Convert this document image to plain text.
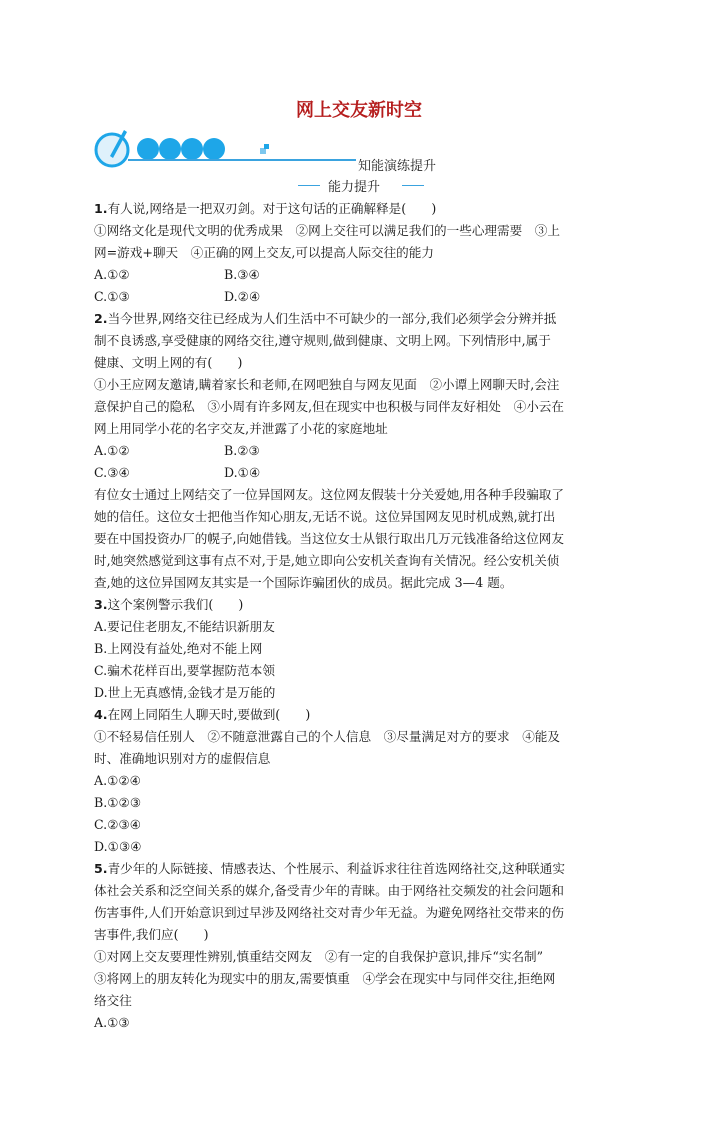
网上交友新时空
知能演练提升
能力提升

1.有人说,网络是一把双刃剑。对于这句话的正确解释是(　　)

①网络文化是现代文明的优秀成果　②网上交往可以满足我们的一些心理需要　③上

网=游戏+聊天　④正确的网上交友,可以提高人际交往的能力

A.①②	B.③④
C.①③	D.②④

2.当今世界,网络交往已经成为人们生活中不可缺少的一部分,我们必须学会分辨并抵

制不良诱惑,享受健康的网络交往,遵守规则,做到健康、文明上网。下列情形中,属于

健康、文明上网的有(　　)

①小王应网友邀请,瞒着家长和老师,在网吧独自与网友见面　②小谭上网聊天时,会注

意保护自己的隐私　③小周有许多网友,但在现实中也积极与同伴友好相处　④小云在

网上用同学小花的名字交友,并泄露了小花的家庭地址

A.①②	B.②③
C.③④	D.①④

有位女士通过上网结交了一位异国网友。这位网友假装十分关爱她,用各种手段骗取了

她的信任。这位女士把他当作知心朋友,无话不说。这位异国网友见时机成熟,就打出

要在中国投资办厂的幌子,向她借钱。当这位女士从银行取出几万元钱准备给这位网友

时,她突然感觉到这事有点不对,于是,她立即向公安机关查询有关情况。经公安机关侦

查,她的这位异国网友其实是一个国际诈骗团伙的成员。据此完成 3—4 题。

3.这个案例警示我们(　　)

A.要记住老朋友,不能结识新朋友

B.上网没有益处,绝对不能上网

C.骗术花样百出,要掌握防范本领

D.世上无真感情,金钱才是万能的

4.在网上同陌生人聊天时,要做到(　　)

①不轻易信任别人　②不随意泄露自己的个人信息　③尽量满足对方的要求　④能及

时、准确地识别对方的虚假信息

A.①②④

B.①②③

C.②③④

D.①③④

5.青少年的人际链接、情感表达、个性展示、利益诉求往往首选网络社交,这种联通实

体社会关系和泛空间关系的媒介,备受青少年的青睐。由于网络社交频发的社会问题和

伤害事件,人们开始意识到过早涉及网络社交对青少年无益。为避免网络社交带来的伤

害事件,我们应(　　)

①对网上交友要理性辨别,慎重结交网友　②有一定的自我保护意识,排斥“实名制”

③将网上的朋友转化为现实中的朋友,需要慎重　④学会在现实中与同伴交往,拒绝网

络交往

A.①③
